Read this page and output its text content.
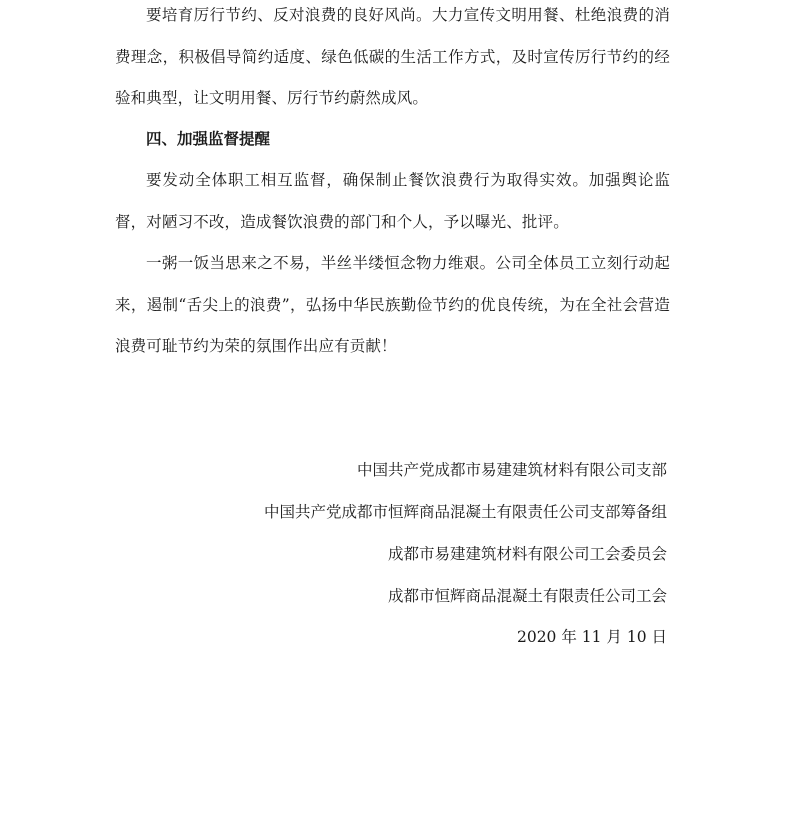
要培育厉行节约、反对浪费的良好风尚。大力宣传文明用餐、杜绝浪费的消费理念，积极倡导简约适度、绿色低碳的生活工作方式，及时宣传厉行节约的经验和典型，让文明用餐、厉行节约蔚然成风。

四、加强监督提醒

要发动全体职工相互监督，确保制止餐饮浪费行为取得实效。加强舆论监督，对陋习不改，造成餐饮浪费的部门和个人，予以曝光、批评。

一粥一饭当思来之不易，半丝半缕恒念物力维艰。公司全体员工立刻行动起来，遏制“舌尖上的浪费”，弘扬中华民族勤俭节约的优良传统，为在全社会营造浪费可耻节约为荣的氛围作出应有贡献！

中国共产党成都市易建建筑材料有限公司支部

中国共产党成都市恒辉商品混凝土有限责任公司支部筹备组

成都市易建建筑材料有限公司工会委员会

成都市恒辉商品混凝土有限责任公司工会

2020 年 11 月 10 日
